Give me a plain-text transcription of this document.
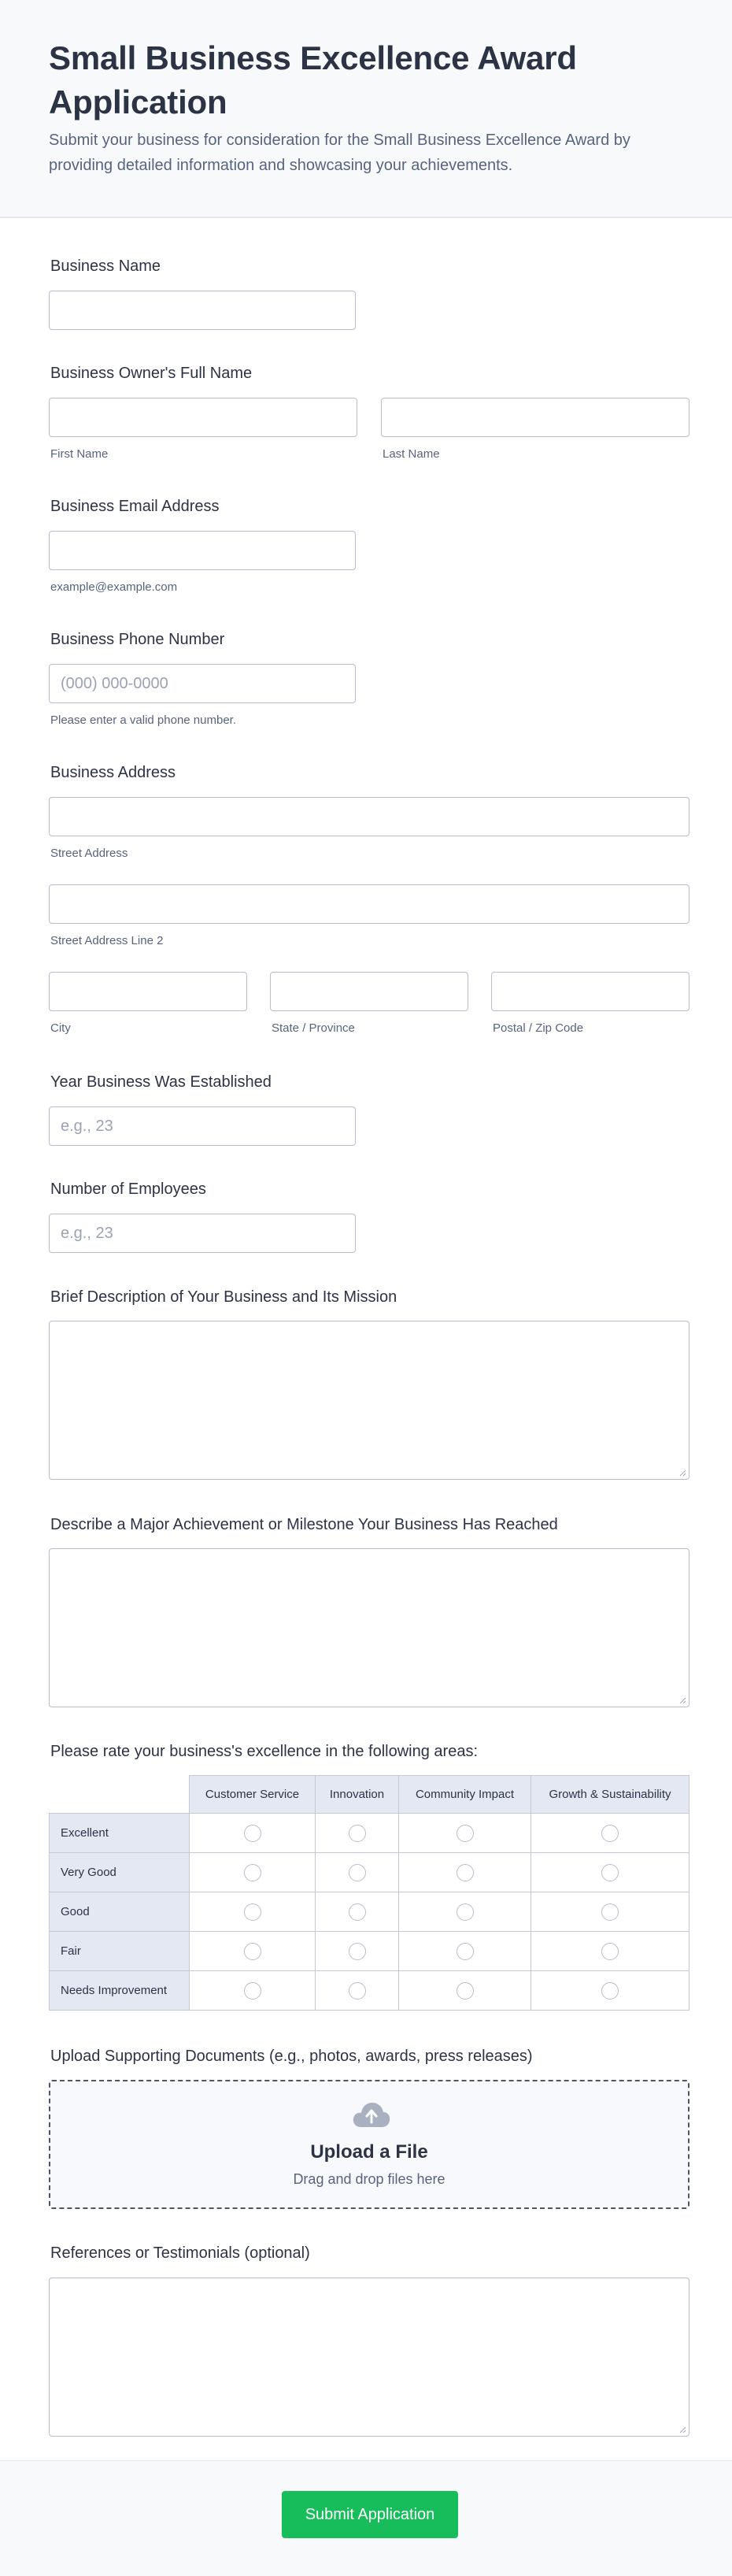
Small Business Excellence Award Application
Submit your business for consideration for the Small Business Excellence Award by providing detailed information and showcasing your achievements.
Business Name
Business Owner's Full Name
First Name	Last Name
Business Email Address
example@example.com
Business Phone Number
(000) 000-0000
Please enter a valid phone number.
Business Address
Street Address
Street Address Line 2
City	State / Province	Postal / Zip Code
Year Business Was Established
e.g., 23
Number of Employees
e.g., 23
Brief Description of Your Business and Its Mission
Describe a Major Achievement or Milestone Your Business Has Reached
Please rate your business's excellence in the following areas:
	Customer Service	Innovation	Community Impact	Growth & Sustainability
Excellent				
Very Good				
Good				
Fair				
Needs Improvement				
Upload Supporting Documents (e.g., photos, awards, press releases)
Upload a File
Drag and drop files here
References or Testimonials (optional)
Submit Application
